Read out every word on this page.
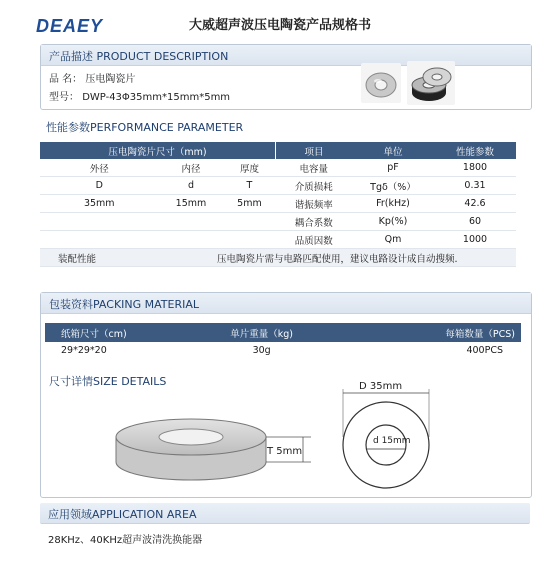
DEAEY	大威超声波压电陶瓷产品规格书
产品描述 PRODUCT DESCRIPTION
品 名： 压电陶瓷片
型号： DWP-43Φ35mm*15mm*5mm
性能参数PERFORMANCE PARAMETER
压电陶瓷片尺寸（mm)			项目	单位	性能参数
外径	内径	厚度	电容量	pF	1800
D	d	T	介质损耗	Tgδ（%）	0.31
35mm	15mm	5mm	谐振频率	Fr(kHz)	42.6
			耦合系数	Kp(%)	60
			品质因数	Qm	1000
装配性能	压电陶瓷片需与电路匹配使用，建议电路设计成自动搜频.				
包装资料PACKING MATERIAL
纸箱尺寸（cm)	单片重量（kg)	每箱数量（PCS)
29*29*20	30g	400PCS
尺寸详情SIZE DETAILS
T 5mm
D 35mm
d 15mm
应用领域APPLICATION AREA
28KHz、40KHz超声波清洗换能器
